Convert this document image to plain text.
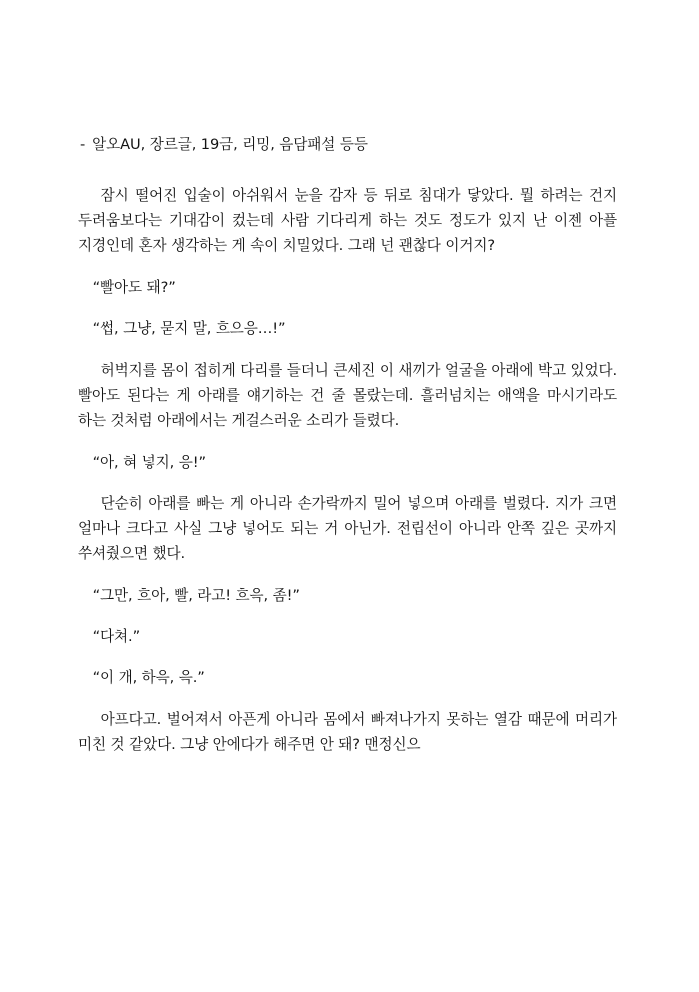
- 알오AU, 장르글, 19금, 리밍, 음담패설 등등

잠시 떨어진 입술이 아쉬워서 눈을 감자 등 뒤로 침대가 닿았다. 뭘 하려는 건지 두려움보다는 기대감이 컸는데 사람 기다리게 하는 것도 정도가 있지 난 이젠 아플 지경인데 혼자 생각하는 게 속이 치밀었다. 그래 넌 괜찮다 이거지?

“빨아도 돼?”

“썹, 그냥, 묻지 말, 흐으응…!”

허벅지를 몸이 접히게 다리를 들더니 큰세진 이 새끼가 얼굴을 아래에 박고 있었다. 빨아도 된다는 게 아래를 얘기하는 건 줄 몰랐는데. 흘러넘치는 애액을 마시기라도 하는 것처럼 아래에서는 게걸스러운 소리가 들렸다.

“아, 혀 넣지, 응!”

단순히 아래를 빠는 게 아니라 손가락까지 밀어 넣으며 아래를 벌렸다. 지가 크면 얼마나 크다고 사실 그냥 넣어도 되는 거 아닌가. 전립선이 아니라 안쪽 깊은 곳까지 쑤셔줬으면 했다.

“그만, 흐아, 빨, 라고! 흐윽, 좀!”

“다쳐.”

“이 개, 하윽, 윽.”

아프다고. 벌어져서 아픈게 아니라 몸에서 빠져나가지 못하는 열감 때문에 머리가 미친 것 같았다. 그냥 안에다가 해주면 안 돼? 맨정신으
